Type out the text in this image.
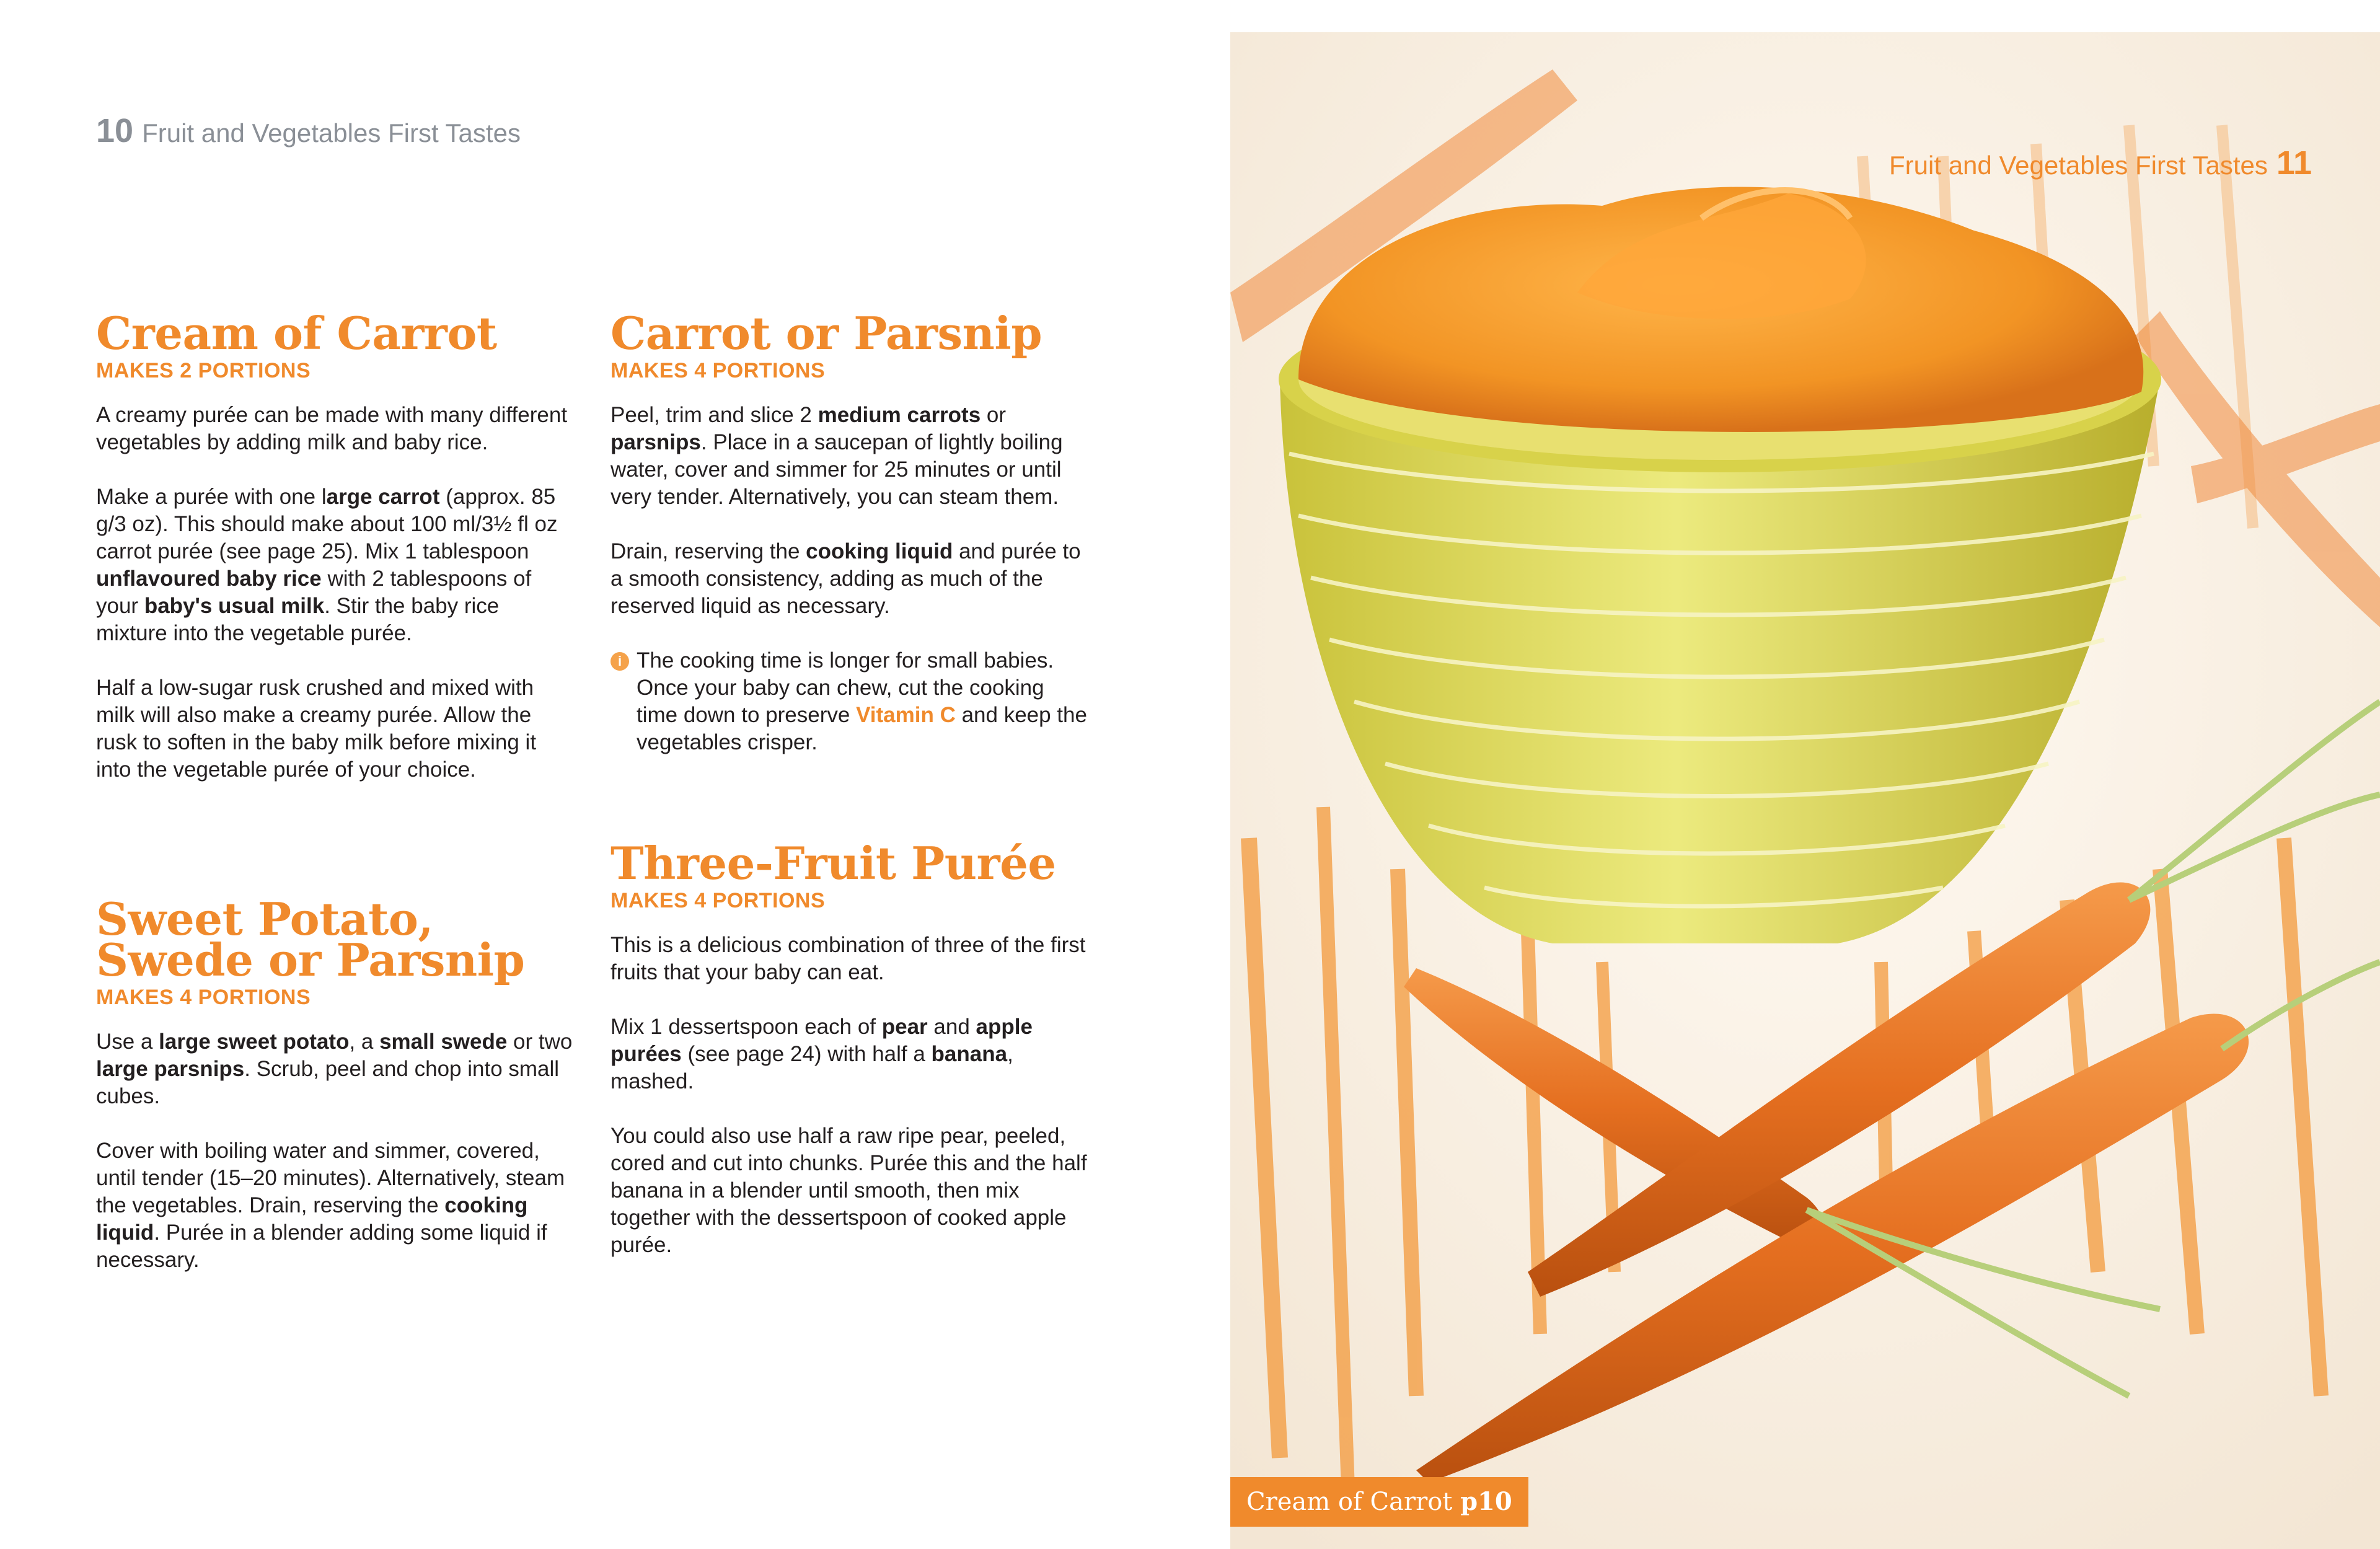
10 Fruit and Vegetables First Tastes
Cream of Carrot
MAKES 2 PORTIONS

A creamy purée can be made with many different vegetables by adding milk and baby rice.

Make a purée with one large carrot (approx. 85 g/3 oz). This should make about 100 ml/3½ fl oz carrot purée (see page 25). Mix 1 tablespoon unflavoured baby rice with 2 tablespoons of your baby's usual milk. Stir the baby rice mixture into the vegetable purée.

Half a low-sugar rusk crushed and mixed with milk will also make a creamy purée. Allow the rusk to soften in the baby milk before mixing it into the vegetable purée of your choice.

Sweet Potato, Swede or Parsnip
MAKES 4 PORTIONS

Use a large sweet potato, a small swede or two large parsnips. Scrub, peel and chop into small cubes.

Cover with boiling water and simmer, covered, until tender (15–20 minutes). Alternatively, steam the vegetables. Drain, reserving the cooking liquid. Purée in a blender adding some liquid if necessary.

Carrot or Parsnip
MAKES 4 PORTIONS

Peel, trim and slice 2 medium carrots or parsnips. Place in a saucepan of lightly boiling water, cover and simmer for 25 minutes or until very tender. Alternatively, you can steam them.

Drain, reserving the cooking liquid and purée to a smooth consistency, adding as much of the reserved liquid as necessary.

i The cooking time is longer for small babies. Once your baby can chew, cut the cooking time down to preserve Vitamin C and keep the vegetables crisper.

Three-Fruit Purée
MAKES 4 PORTIONS

This is a delicious combination of three of the first fruits that your baby can eat.

Mix 1 dessertspoon each of pear and apple purées (see page 24) with half a banana, mashed.

You could also use half a raw ripe pear, peeled, cored and cut into chunks. Purée this and the half banana in a blender until smooth, then mix together with the dessertspoon of cooked apple purée.

Fruit and Vegetables First Tastes 11
Cream of Carrot p10
